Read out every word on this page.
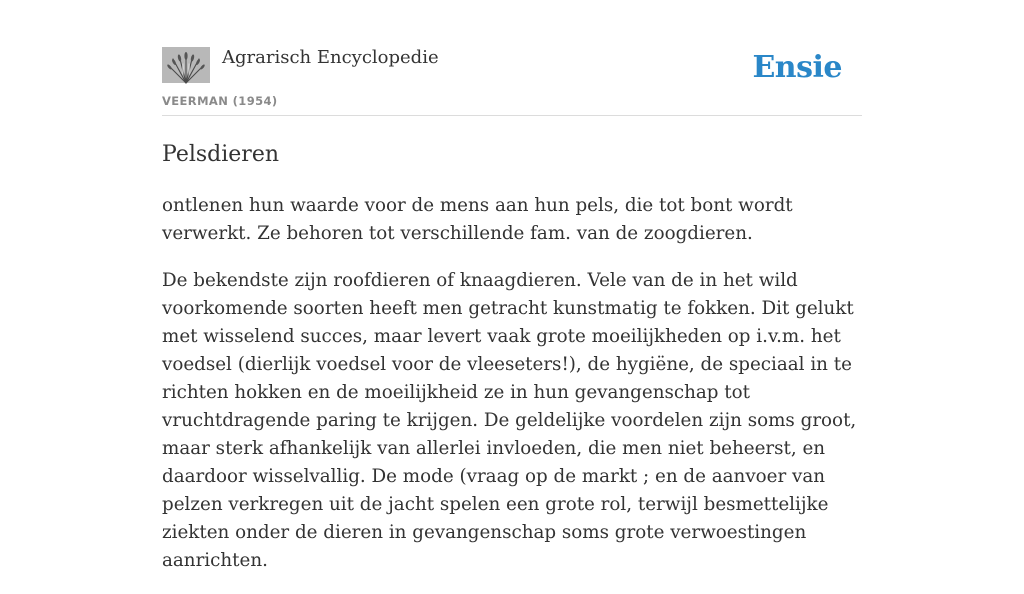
Agrarisch Encyclopedie
VEERMAN (1954)
Ensie
Pelsdieren

ontlenen hun waarde voor de mens aan hun pels, die tot bont wordt verwerkt. Ze behoren tot verschillende fam. van de zoogdieren.

De bekendste zijn roofdieren of knaagdieren. Vele van de in het wild voorkomende soorten heeft men getracht kunstmatig te fokken. Dit gelukt met wisselend succes, maar levert vaak grote moeilijkheden op i.v.m. het voedsel (dierlijk voedsel voor de vleeseters!), de hygiëne, de speciaal in te richten hokken en de moeilijkheid ze in hun gevangenschap tot vruchtdragende paring te krijgen. De geldelijke voordelen zijn soms groot, maar sterk afhankelijk van allerlei invloeden, die men niet beheerst, en daardoor wisselvallig. De mode (vraag op de markt ; en de aanvoer van pelzen verkregen uit de jacht spelen een grote rol, terwijl besmettelijke ziekten onder de dieren in gevangenschap soms grote verwoestingen aanrichten.
